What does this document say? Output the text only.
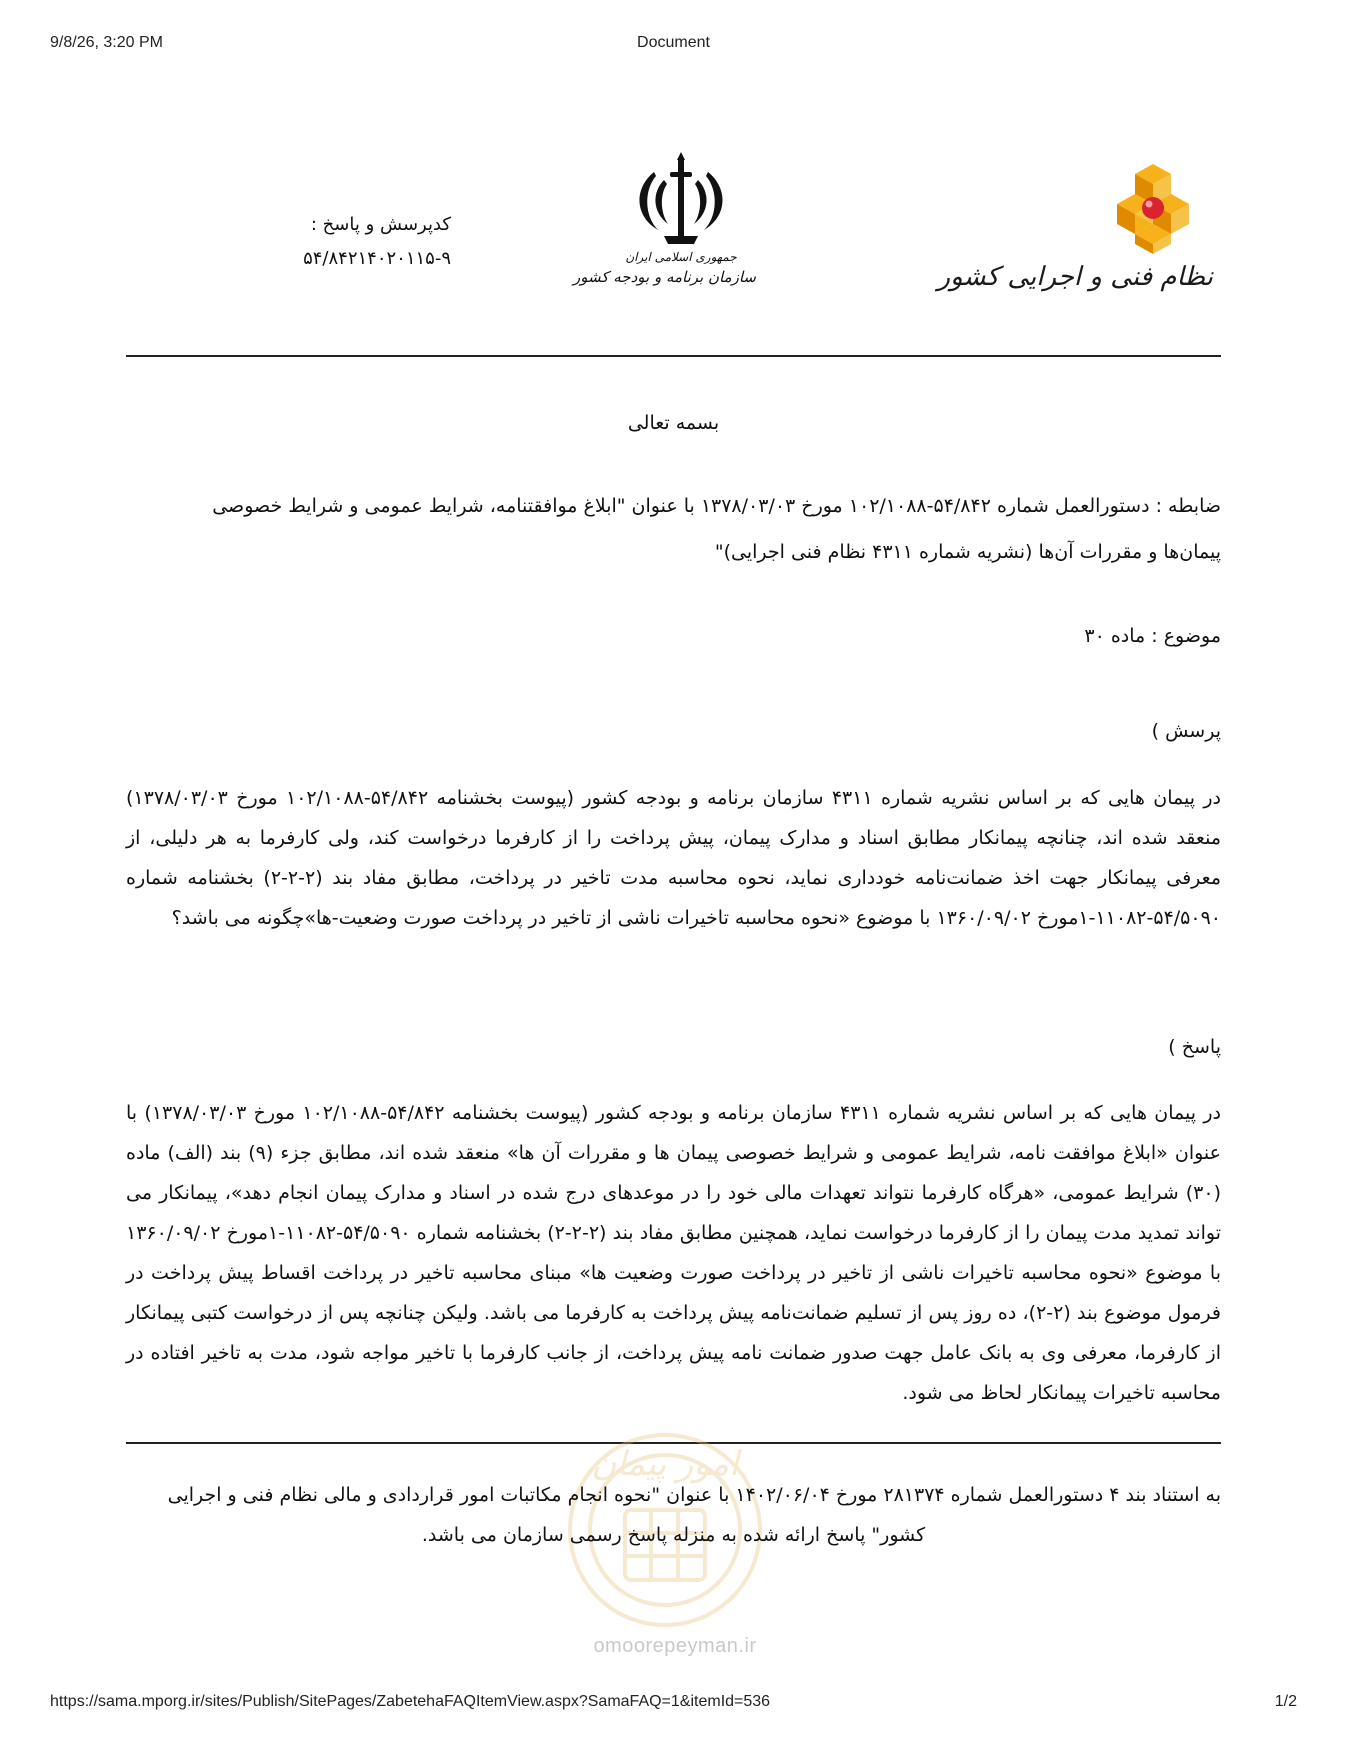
9/8/26, 3:20 PM	Document
نظام فنی و اجرایی کشور
جمهوری اسلامی ایران
سازمان برنامه و بودجه کشور
کدپرسش و پاسخ :
۵۴/۸۴۲۱۴۰۲۰۱۱۵-۹
بسمه تعالی
ضابطه : دستورالعمل شماره ۵۴/۸۴۲-۱۰۲/۱۰۸۸ مورخ ۱۳۷۸/۰۳/۰۳ با عنوان "ابلاغ موافقتنامه، شرایط عمومی و شرایط خصوصی
پیمان‌ها و مقررات آن‌ها (نشریه شماره ۴۳۱۱ نظام فنی اجرایی)"
موضوع : ماده ۳۰
پرسش )
در پیمان هایی که بر اساس نشریه شماره ۴۳۱۱ سازمان برنامه و بودجه کشور (پیوست بخشنامه ۵۴/۸۴۲-۱۰۲/۱۰۸۸ مورخ ۱۳۷۸/۰۳/۰۳) منعقد شده اند، چنانچه پیمانکار مطابق اسناد و مدارک پیمان، پیش پرداخت را از کارفرما درخواست کند، ولی کارفرما به هر دلیلی، از معرفی پیمانکار جهت اخذ ضمانت‌نامه خودداری نماید، نحوه محاسبه مدت تاخیر در پرداخت، مطابق مفاد بند (۲-۲-۲) بخشنامه شماره ۵۴/۵۰۹۰-۱۱۰۸۲-۱مورخ ۱۳۶۰/۰۹/۰۲ با موضوع «نحوه محاسبه تاخیرات ناشی از تاخیر در پرداخت صورت وضعیت-ها»چگونه می باشد؟
پاسخ )
در پیمان هایی که بر اساس نشریه شماره ۴۳۱۱ سازمان برنامه و بودجه کشور (پیوست بخشنامه ۵۴/۸۴۲-۱۰۲/۱۰۸۸ مورخ ۱۳۷۸/۰۳/۰۳) با عنوان «ابلاغ موافقت نامه، شرایط عمومی و شرایط خصوصی پیمان ها و مقررات آن ها» منعقد شده اند، مطابق جزء (۹) بند (الف) ماده (۳۰) شرایط عمومی، «هرگاه کارفرما نتواند تعهدات مالی خود را در موعدهای درج شده در اسناد و مدارک پیمان انجام دهد»، پیمانکار می تواند تمدید مدت پیمان را از کارفرما درخواست نماید، همچنین مطابق مفاد بند (۲-۲-۲) بخشنامه شماره ۵۴/۵۰۹۰-۱۱۰۸۲-۱مورخ ۱۳۶۰/۰۹/۰۲ با موضوع «نحوه محاسبه تاخیرات ناشی از تاخیر در پرداخت صورت وضعیت ها» مبنای محاسبه تاخیر در پرداخت اقساط پیش پرداخت در فرمول موضوع بند (۲-۲)، ده روز پس از تسلیم ضمانت‌نامه پیش پرداخت به کارفرما می باشد. ولیکن چنانچه پس از درخواست کتبی پیمانکار از کارفرما، معرفی وی به بانک عامل جهت صدور ضمانت نامه پیش پرداخت، از جانب کارفرما با تاخیر مواجه شود، مدت به تاخیر افتاده در محاسبه تاخیرات پیمانکار لحاظ می شود.
امور پیمان
به استناد بند ۴ دستورالعمل شماره ۲۸۱۳۷۴ مورخ ۱۴۰۲/۰۶/۰۴ با عنوان "نحوه انجام مکاتبات امور قراردادی و مالی نظام فنی و اجرایی
کشور" پاسخ ارائه شده به منزله پاسخ رسمی سازمان می باشد.
omoorepeyman.ir
https://sama.mporg.ir/sites/Publish/SitePages/ZabetehaFAQItemView.aspx?SamaFAQ=1&itemId=536	1/2
